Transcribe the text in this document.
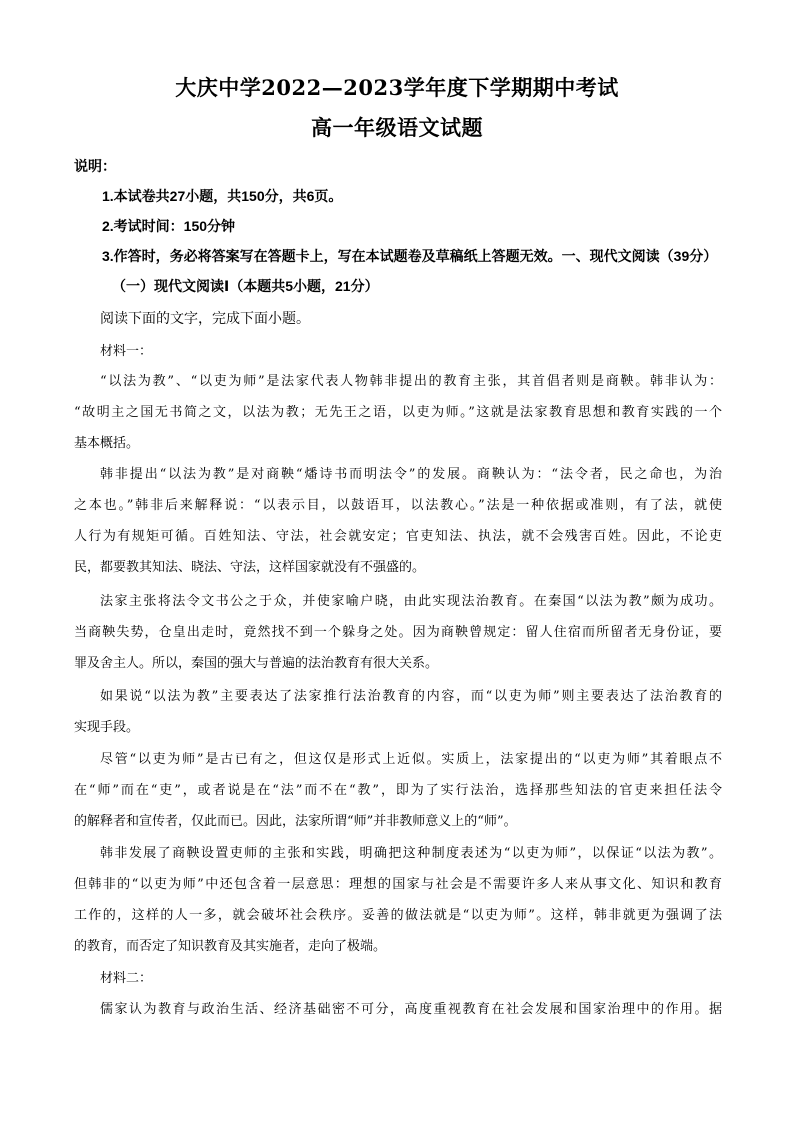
大庆中学2022—2023学年度下学期期中考试
高一年级语文试题
说明：
1.本试卷共27小题，共150分，共6页。
2.考试时间：150分钟
3.作答时，务必将答案写在答题卡上，写在本试题卷及草稿纸上答题无效。一、现代文阅读（39分）
（一）现代文阅读Ⅰ（本题共5小题，21分）
阅读下面的文字，完成下面小题。
材料一：
“以法为教”、“以吏为师”是法家代表人物韩非提出的教育主张，其首倡者则是商鞅。韩非认为：
“故明主之国无书简之文，以法为教；无先王之语，以吏为师。”这就是法家教育思想和教育实践的一个
基本概括。
韩非提出“以法为教”是对商鞅“燔诗书而明法令”的发展。商鞅认为：“法令者，民之命也，为治
之本也。”韩非后来解释说：“以表示目，以鼓语耳，以法教心。”法是一种依据或准则，有了法，就使
人行为有规矩可循。百姓知法、守法，社会就安定；官吏知法、执法，就不会残害百姓。因此，不论吏
民，都要教其知法、晓法、守法，这样国家就没有不强盛的。
法家主张将法令文书公之于众，并使家喻户晓，由此实现法治教育。在秦国“以法为教”颇为成功。
当商鞅失势，仓皇出走时，竟然找不到一个躲身之处。因为商鞅曾规定：留人住宿而所留者无身份证，要
罪及舍主人。所以，秦国的强大与普遍的法治教育有很大关系。
如果说“以法为教”主要表达了法家推行法治教育的内容，而“以吏为师”则主要表达了法治教育的
实现手段。
尽管“以吏为师”是古已有之，但这仅是形式上近似。实质上，法家提出的“以吏为师”其着眼点不
在“师”而在“吏”，或者说是在“法”而不在“教”，即为了实行法治，选择那些知法的官吏来担任法令
的解释者和宣传者，仅此而已。因此，法家所谓“师”并非教师意义上的“师”。
韩非发展了商鞅设置吏师的主张和实践，明确把这种制度表述为“以吏为师”，以保证“以法为教”。
但韩非的“以吏为师”中还包含着一层意思：理想的国家与社会是不需要许多人来从事文化、知识和教育
工作的，这样的人一多，就会破坏社会秩序。妥善的做法就是“以吏为师”。这样，韩非就更为强调了法
的教育，而否定了知识教育及其实施者，走向了极端。
材料二：
儒家认为教育与政治生活、经济基础密不可分，高度重视教育在社会发展和国家治理中的作用。据
